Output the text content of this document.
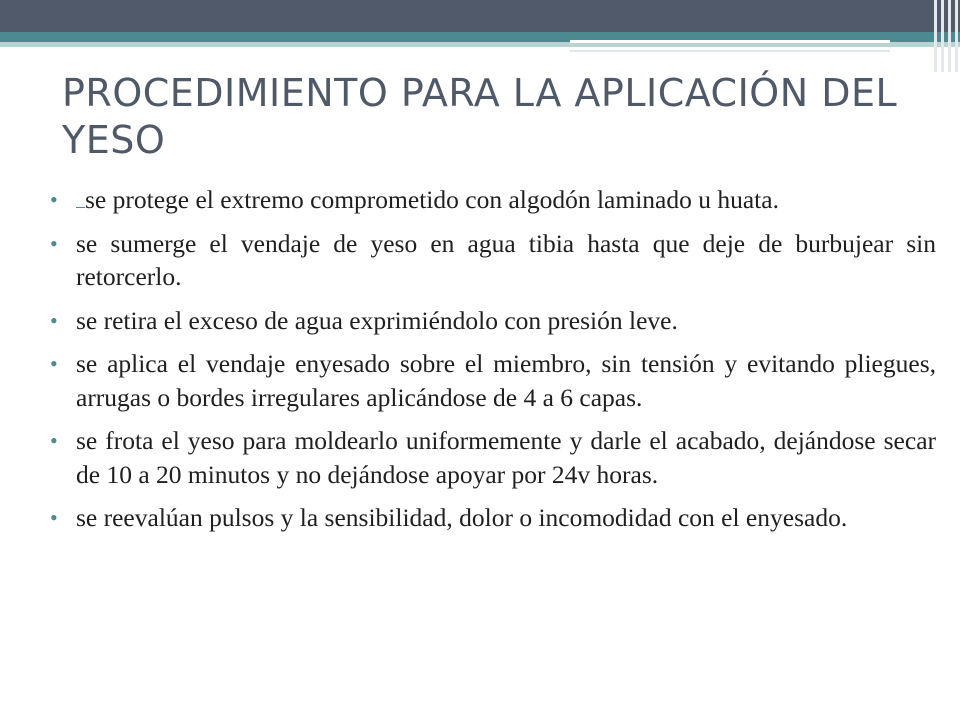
PROCEDIMIENTO PARA LA APLICACIÓN DEL YESO
• se protege el extremo comprometido con algodón laminado u huata.
• se sumerge el vendaje de yeso en agua tibia hasta que deje de burbujear sin retorcerlo.
• se retira el exceso de agua exprimiéndolo con presión leve.
• se aplica el vendaje enyesado sobre el miembro, sin tensión y evitando pliegues, arrugas o bordes irregulares aplicándose de 4 a 6 capas.
• se frota el yeso para moldearlo uniformemente y darle el acabado, dejándose secar de 10 a 20 minutos y no dejándose apoyar por 24v horas.
• se reevalúan pulsos y la sensibilidad, dolor o incomodidad con el enyesado.
